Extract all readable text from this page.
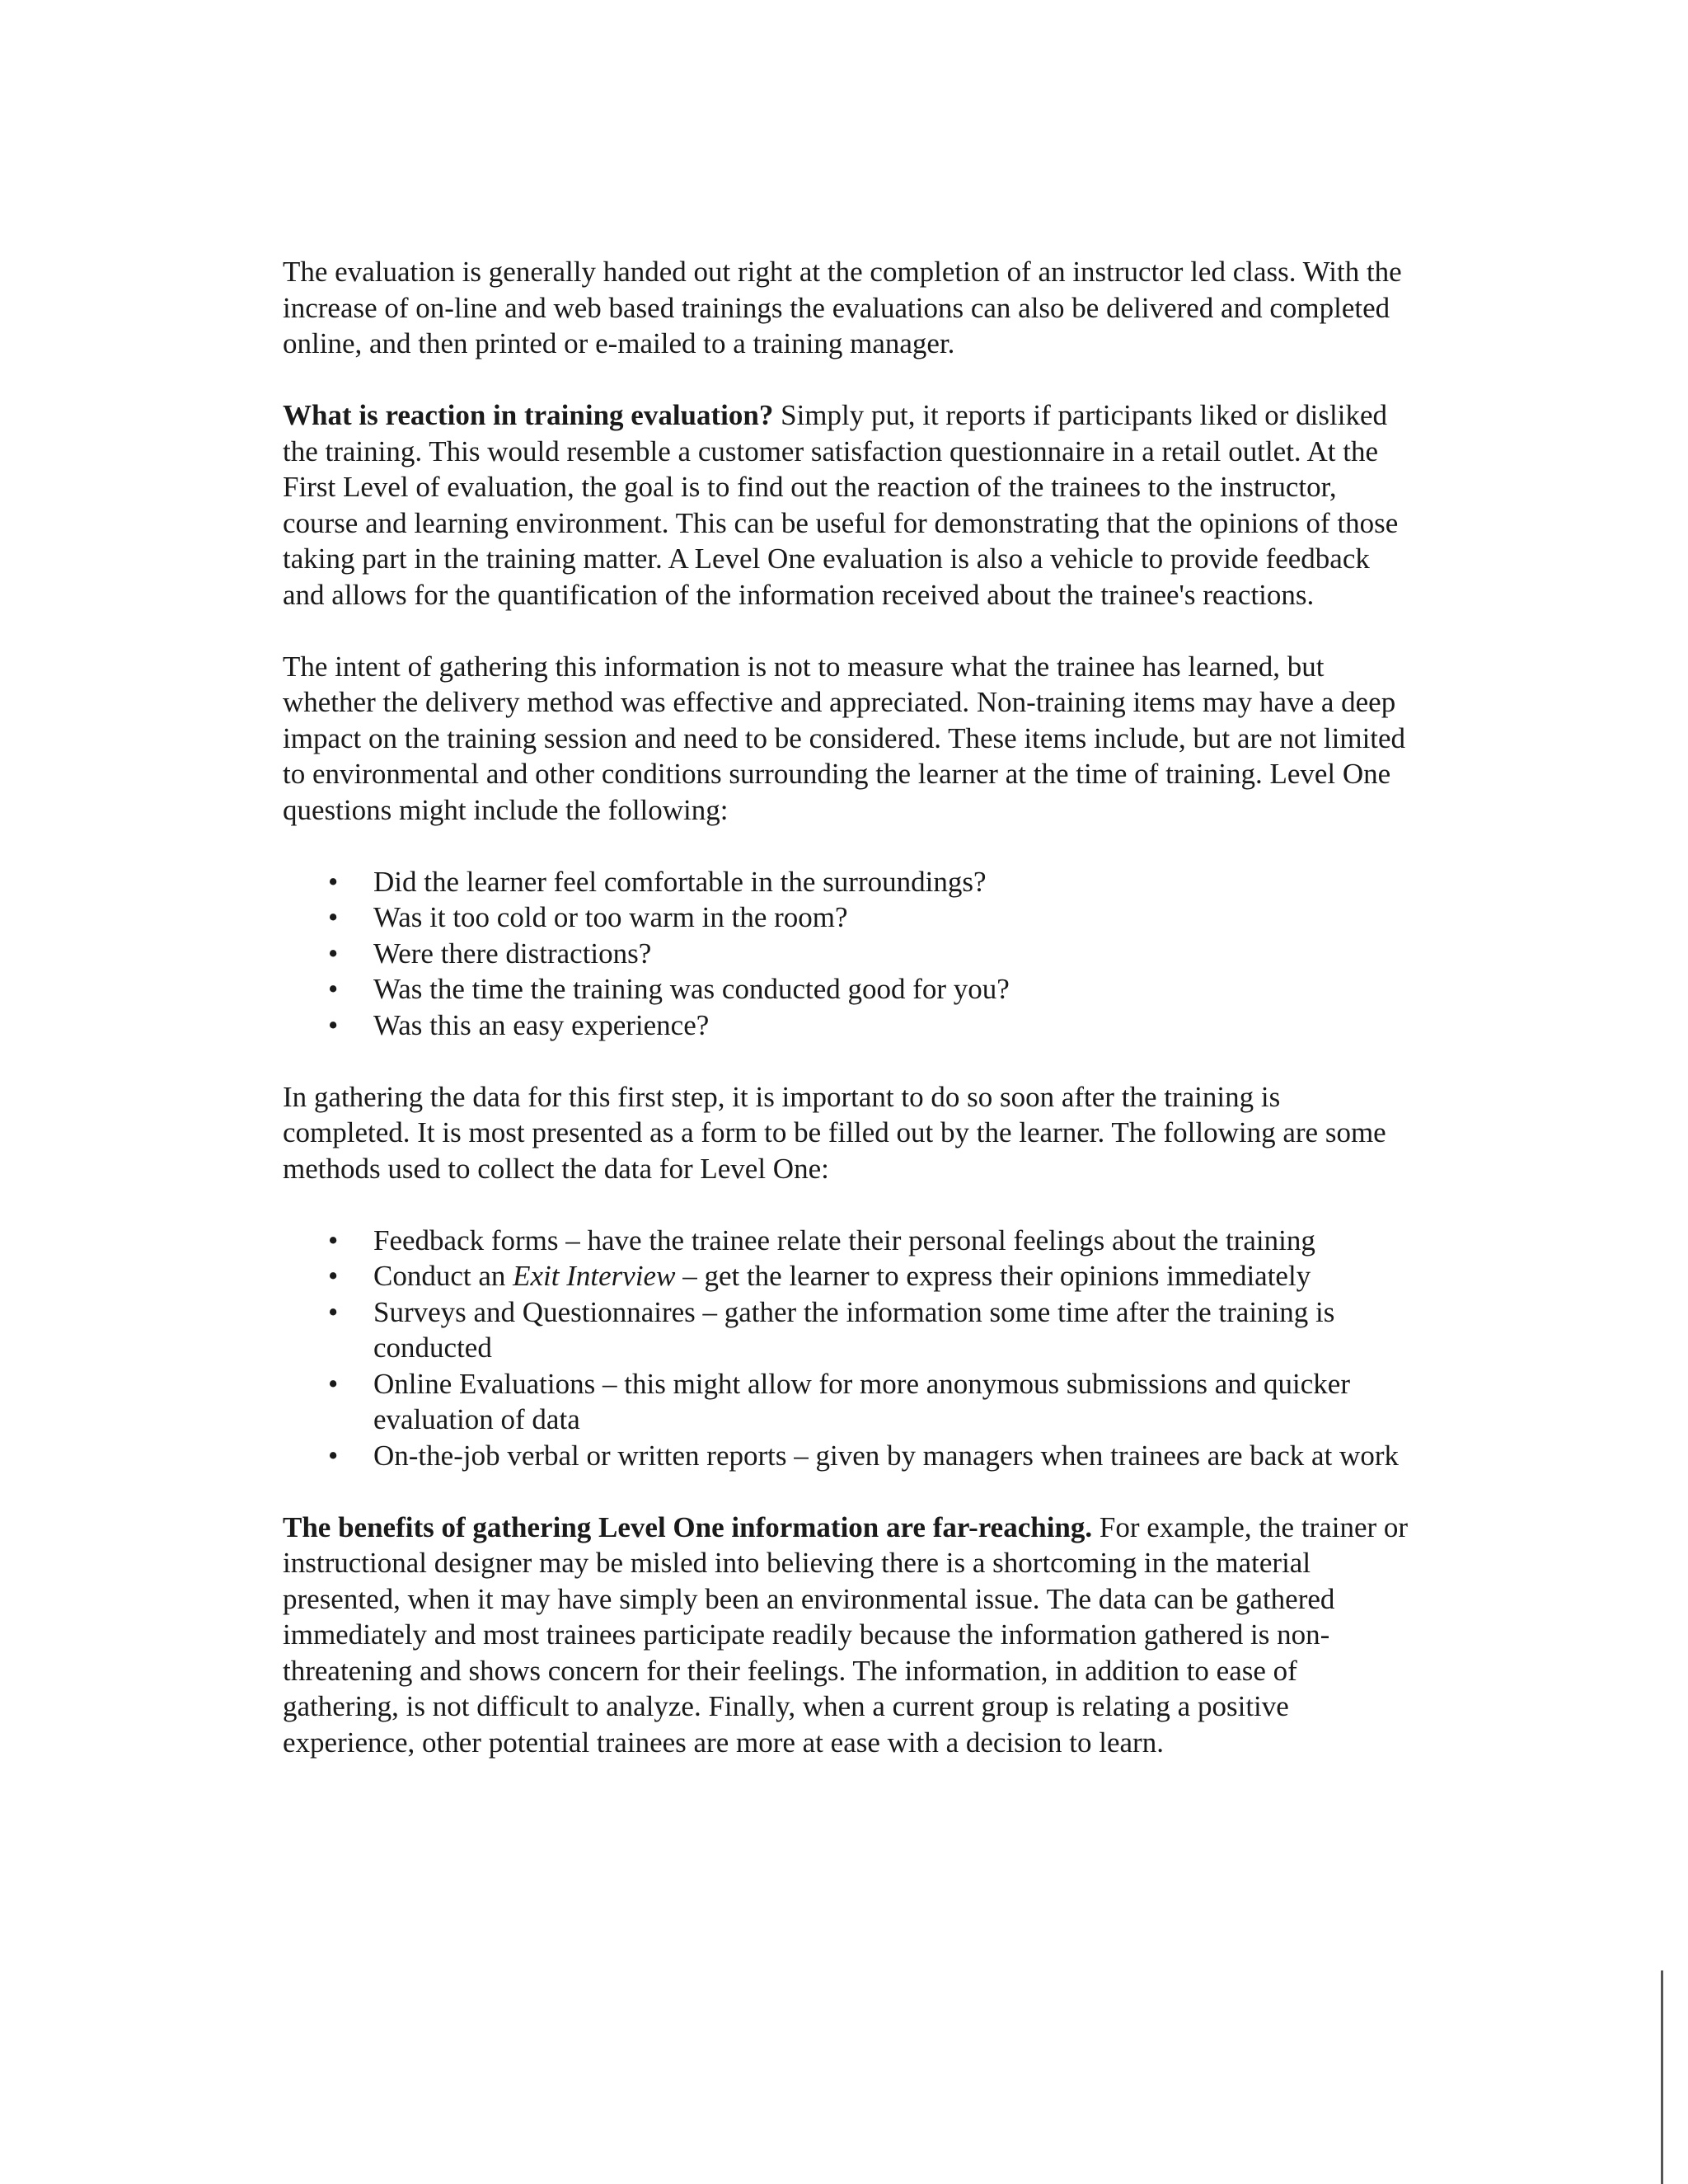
The evaluation is generally handed out right at the completion of an instructor led class. With the increase of on-line and web based trainings the evaluations can also be delivered and completed online, and then printed or e-mailed to a training manager.

What is reaction in training evaluation? Simply put, it reports if participants liked or disliked the training. This would resemble a customer satisfaction questionnaire in a retail outlet. At the First Level of evaluation, the goal is to find out the reaction of the trainees to the instructor, course and learning environment. This can be useful for demonstrating that the opinions of those taking part in the training matter. A Level One evaluation is also a vehicle to provide feedback and allows for the quantification of the information received about the trainee's reactions.

The intent of gathering this information is not to measure what the trainee has learned, but whether the delivery method was effective and appreciated. Non-training items may have a deep impact on the training session and need to be considered. These items include, but are not limited to environmental and other conditions surrounding the learner at the time of training. Level One questions might include the following:

•	Did the learner feel comfortable in the surroundings?
•	Was it too cold or too warm in the room?
•	Were there distractions?
•	Was the time the training was conducted good for you?
•	Was this an easy experience?

In gathering the data for this first step, it is important to do so soon after the training is completed. It is most presented as a form to be filled out by the learner. The following are some methods used to collect the data for Level One:

•	Feedback forms – have the trainee relate their personal feelings about the training
•	Conduct an Exit Interview – get the learner to express their opinions immediately
•	Surveys and Questionnaires – gather the information some time after the training is conducted
•	Online Evaluations – this might allow for more anonymous submissions and quicker evaluation of data
•	On-the-job verbal or written reports – given by managers when trainees are back at work

The benefits of gathering Level One information are far-reaching. For example, the trainer or instructional designer may be misled into believing there is a shortcoming in the material presented, when it may have simply been an environmental issue. The data can be gathered immediately and most trainees participate readily because the information gathered is non-threatening and shows concern for their feelings. The information, in addition to ease of gathering, is not difficult to analyze. Finally, when a current group is relating a positive experience, other potential trainees are more at ease with a decision to learn.
